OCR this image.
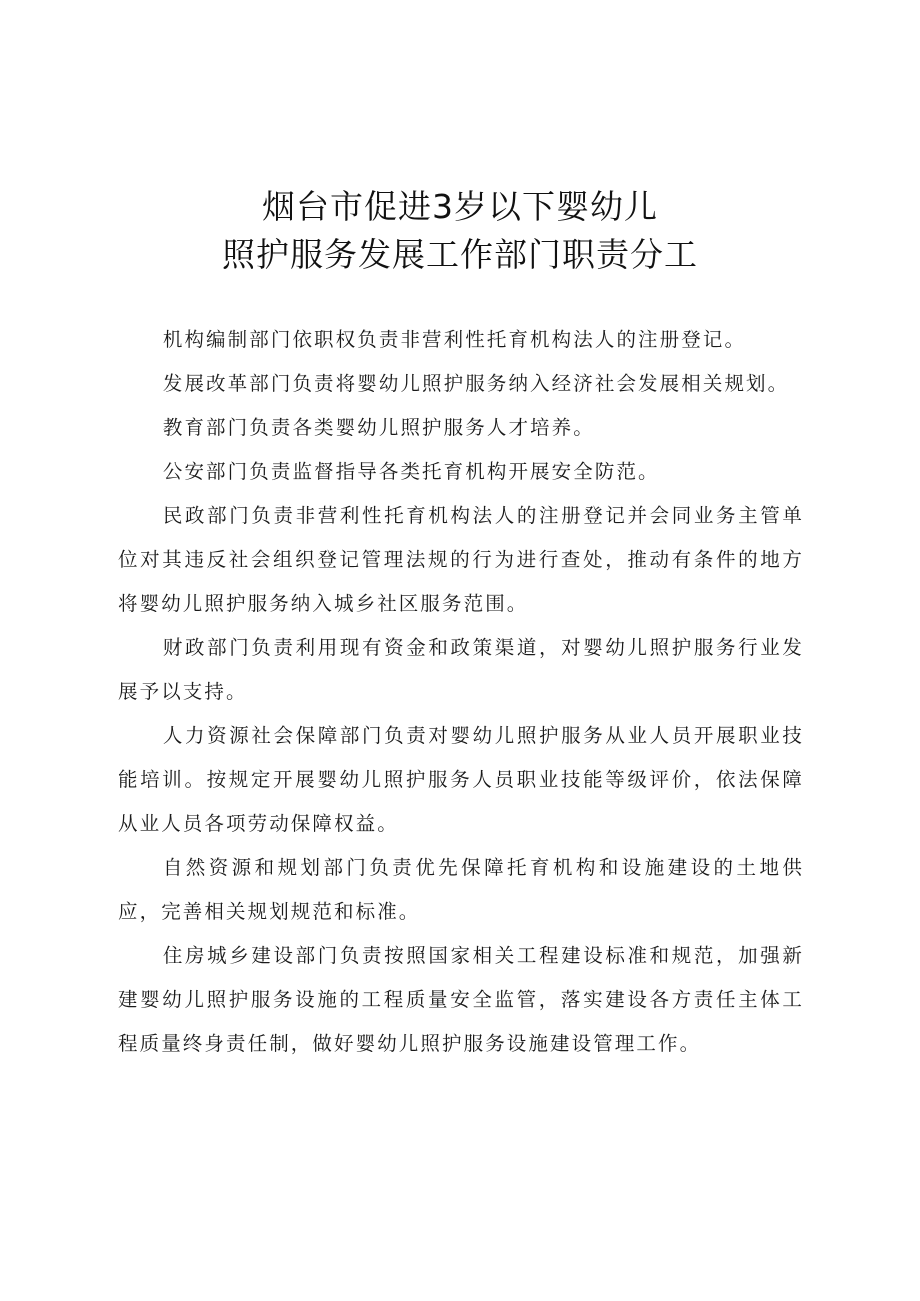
烟台市促进3岁以下婴幼儿
照护服务发展工作部门职责分工

机构编制部门依职权负责非营利性托育机构法人的注册登记。

发展改革部门负责将婴幼儿照护服务纳入经济社会发展相关规划。

教育部门负责各类婴幼儿照护服务人才培养。

公安部门负责监督指导各类托育机构开展安全防范。

民政部门负责非营利性托育机构法人的注册登记并会同业务主管单位对其违反社会组织登记管理法规的行为进行查处，推动有条件的地方将婴幼儿照护服务纳入城乡社区服务范围。

财政部门负责利用现有资金和政策渠道，对婴幼儿照护服务行业发展予以支持。

人力资源社会保障部门负责对婴幼儿照护服务从业人员开展职业技能培训。按规定开展婴幼儿照护服务人员职业技能等级评价，依法保障从业人员各项劳动保障权益。

自然资源和规划部门负责优先保障托育机构和设施建设的土地供应，完善相关规划规范和标准。

住房城乡建设部门负责按照国家相关工程建设标准和规范，加强新建婴幼儿照护服务设施的工程质量安全监管，落实建设各方责任主体工程质量终身责任制，做好婴幼儿照护服务设施建设管理工作。
